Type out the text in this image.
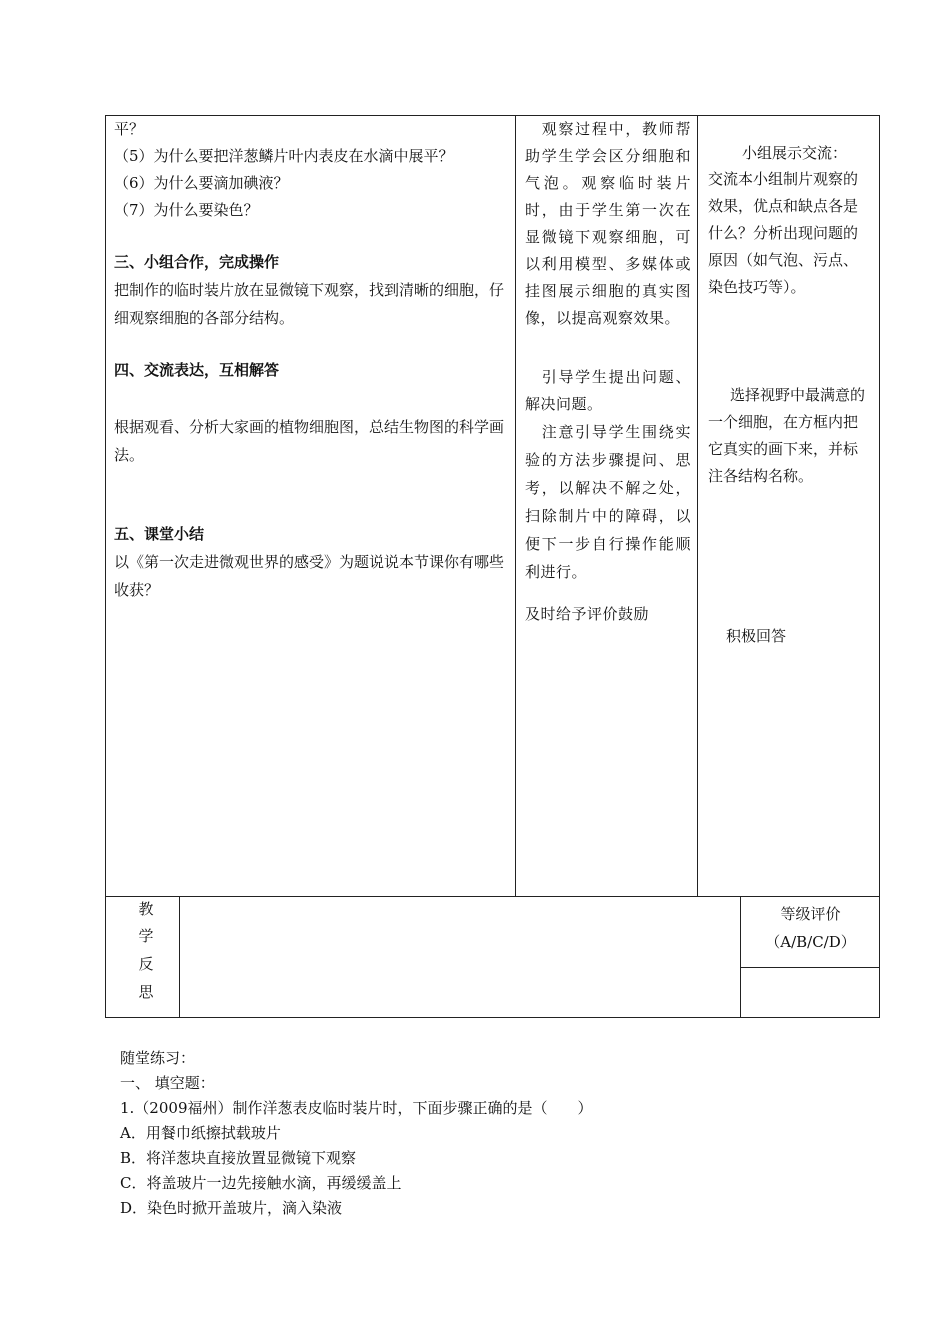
平？

（5）为什么要把洋葱鳞片叶内表皮在水滴中展平？

（6）为什么要滴加碘液？

（7）为什么要染色？

三、小组合作，完成操作

把制作的临时装片放在显微镜下观察，找到清晰的细胞，仔细观察细胞的各部分结构。

四、交流表达，互相解答

根据观看、分析大家画的植物细胞图，总结生物图的科学画法。

五、课堂小结

以《第一次走进微观世界的感受》为题说说本节课你有哪些收获？

　观察过程中，教师帮助学生学会区分细胞和气泡。观察临时装片时，由于学生第一次在显微镜下观察细胞，可以利用模型、多媒体或挂图展示细胞的真实图像，以提高观察效果。

　引导学生提出问题、解决问题。

　注意引导学生围绕实验的方法步骤提问、思考，以解决不解之处，扫除制片中的障碍，以便下一步自行操作能顺利进行。

及时给予评价鼓励

小组展示交流：

交流本小组制片观察的效果，优点和缺点各是什么？分析出现问题的原因（如气泡、污点、染色技巧等）。

选择视野中最满意的一个细胞，在方框内把它真实的画下来，并标注各结构名称。

积极回答

教
学
反
思
等级评价
（A/B/C/D）
随堂练习：
一、 填空题：
1.（2009福州）制作洋葱表皮临时装片时，下面步骤正确的是（　　）
A．用餐巾纸擦拭载玻片
B．将洋葱块直接放置显微镜下观察
C．将盖玻片一边先接触水滴，再缓缓盖上
D．染色时掀开盖玻片，滴入染液
